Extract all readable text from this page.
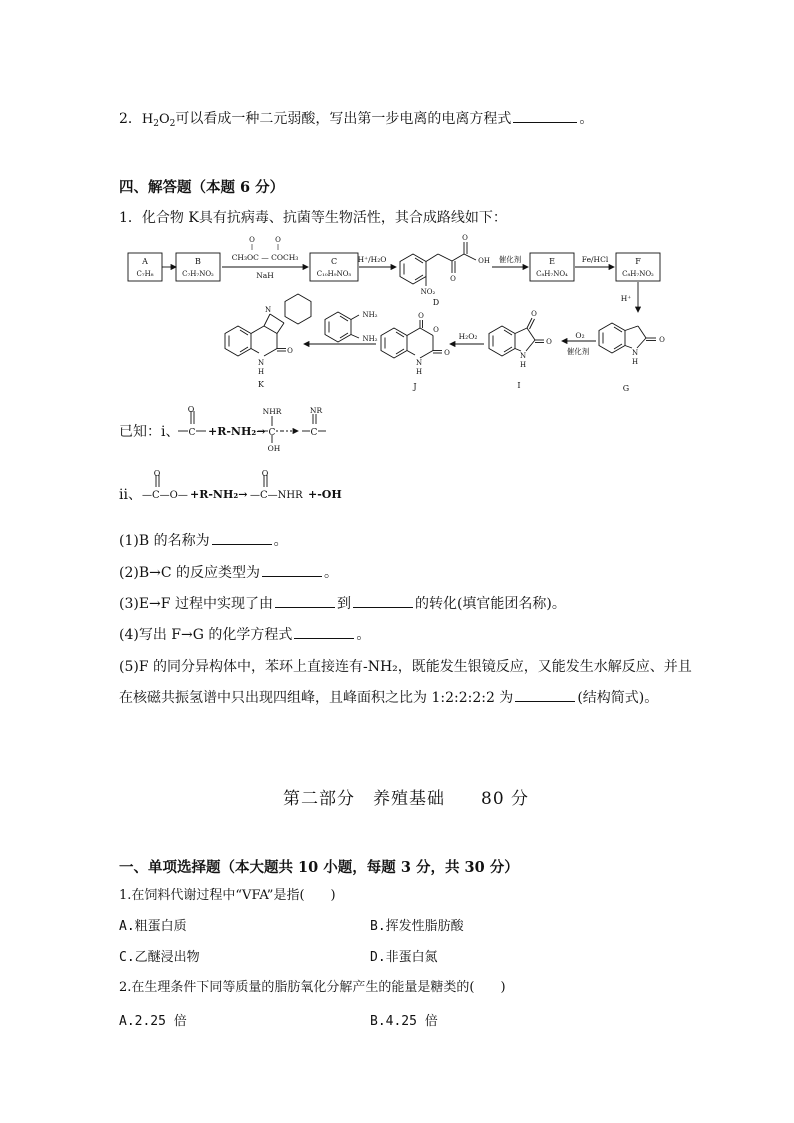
2．$H_2O_2$可以看成一种二元弱酸，写出第一步电离的电离方程式	。
四、解答题（本题 6 分）
1．化合物 K具有抗病毒、抗菌等生物活性，其合成路线如下：
A
C₇H₈
B
C₇H₇NO₂
O	O
CH₃OC — COCH₃
NaH
C
C₁₀H₉NO₅
H⁺/H₂O
O
OH
O
NO₂
D
催化剂	E
C₈H₇NO₄
Fe/HCl	F
C₈H₇NO₂
H⁺
O
N
H
G
O₂
催化剂
O
O
N
H
I
H₂O₂
O
O
O
N
H
J
NH₂
NH₂
N
O
N
H
K
已知：i、
O
C	C	C
NHR
OH
NR
+R-NH₂→
ii、
O	O
—C—O— +R-NH₂→ —C—NHR +-OH
(1)B 的名称为	。
(2)B→C 的反应类型为	。
(3)E→F 过程中实现了由	到	的转化(填官能团名称)。
(4)写出 F→G 的化学方程式	。
(5)F 的同分异构体中，苯环上直接连有-NH₂，既能发生银镜反应，又能发生水解反应、并且
在核磁共振氢谱中只出现四组峰，且峰面积之比为 1:2:2:2:2 为	(结构简式)。
第二部分　养殖基础　　80 分
一、单项选择题（本大题共 10 小题，每题 3 分，共 30 分）
1.在饲料代谢过程中“VFA”是指(　　)
A.粗蛋白质	B.挥发性脂肪酸
C.乙醚浸出物	D.非蛋白氮
2.在生理条件下同等质量的脂肪氧化分解产生的能量是糖类的(　　)
A.2.25 倍	B.4.25 倍
